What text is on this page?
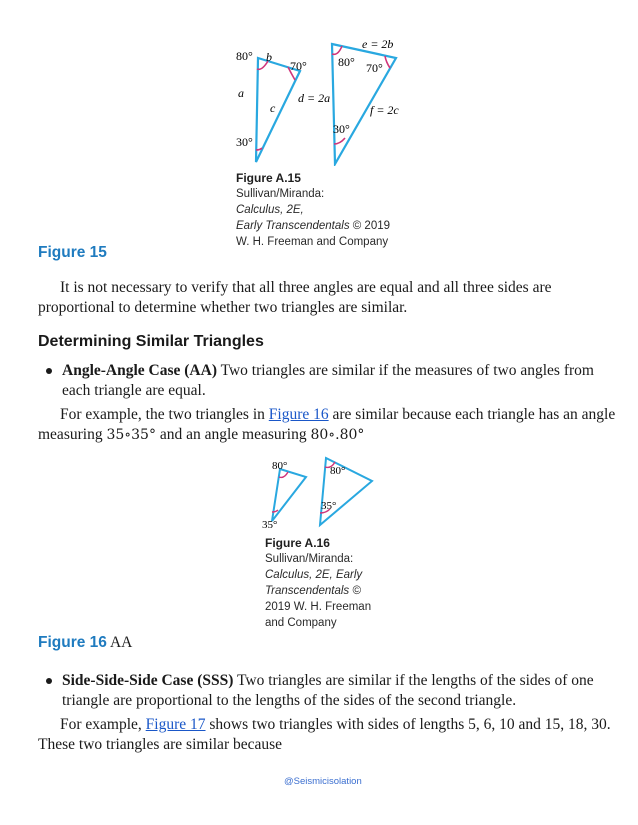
80° b
70°
a
c
30°
d = 2a
e = 2b
80° 70°
f = 2c
30°
Figure A.15
Sullivan/Miranda:
Calculus, 2E,
Early Transcendentals © 2019
W. H. Freeman and Company
Figure 15
It is not necessary to verify that all three angles are equal and all three sides are proportional to determine whether two triangles are similar.
Determining Similar Triangles
Angle-Angle Case (AA) Two triangles are similar if the measures of two angles from each triangle are equal.
For example, the two triangles in Figure 16 are similar because each triangle has an angle
measuring 35∘35° and an angle measuring 80∘.80°
80°
35°
80°
35°
Figure A.16
Sullivan/Miranda:
Calculus, 2E, Early
Transcendentals ©
2019 W. H. Freeman
and Company
Figure 16 AA
Side-Side-Side Case (SSS) Two triangles are similar if the lengths of the sides of one triangle are proportional to the lengths of the sides of the second triangle.
For example, Figure 17 shows two triangles with sides of lengths 5, 6, 10 and 15, 18, 30.
These two triangles are similar because
@Seismicisolation
